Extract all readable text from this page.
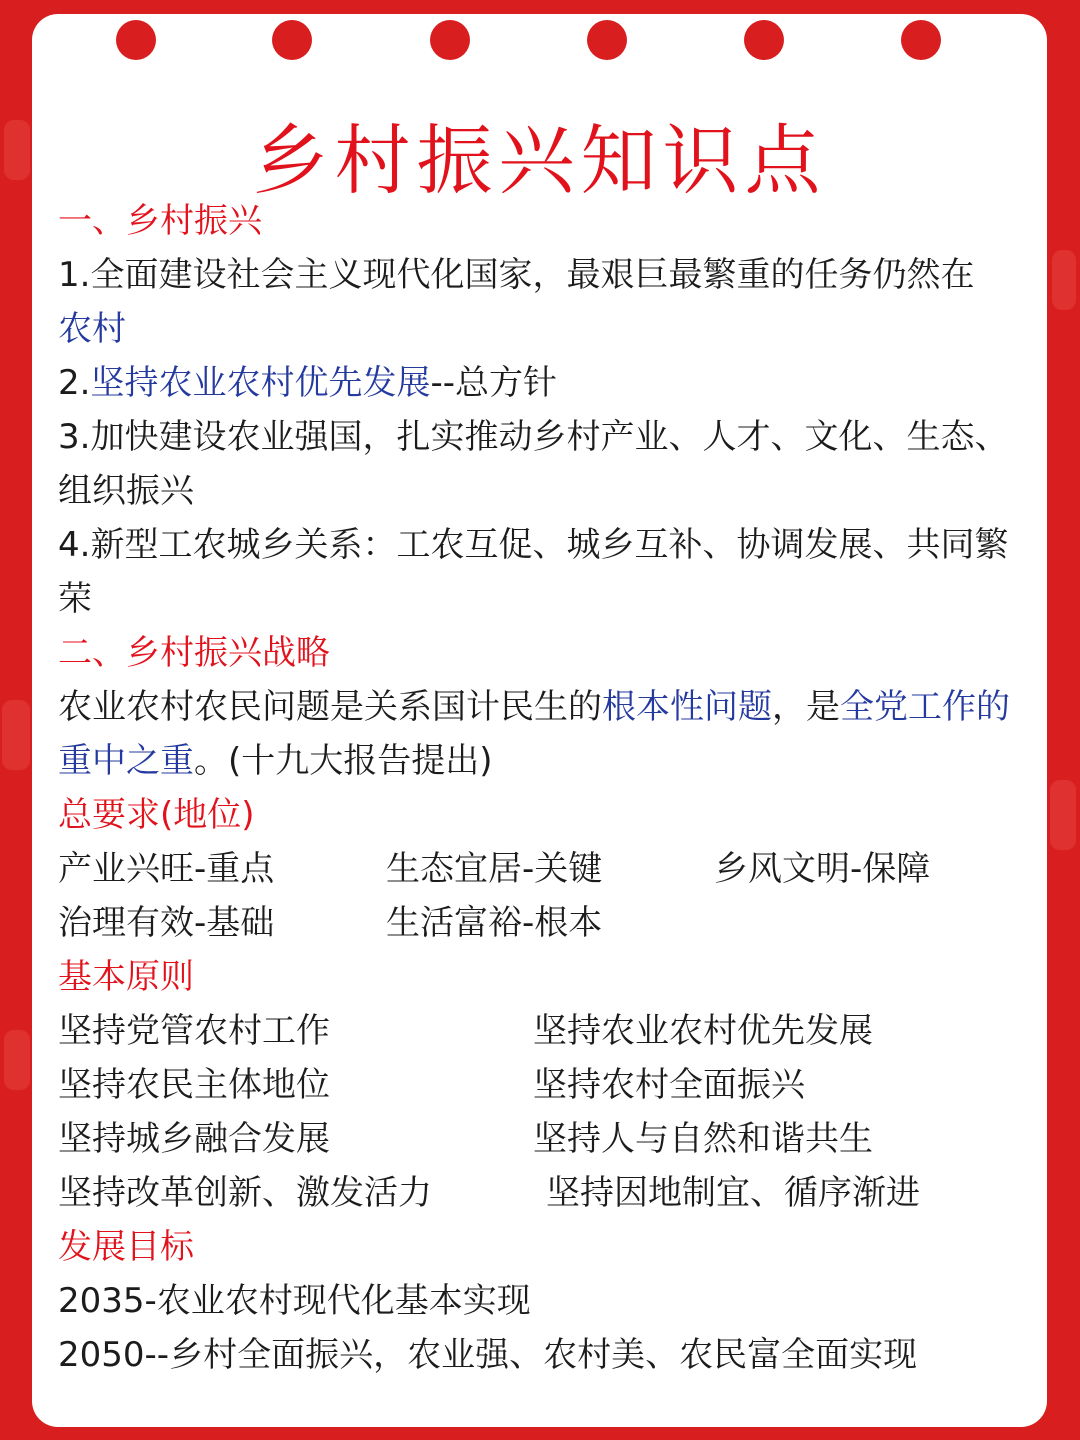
乡村振兴知识点
一、乡村振兴
1.全面建设社会主义现代化国家，最艰巨最繁重的任务仍然在
农村
2.坚持农业农村优先发展--总方针
3.加快建设农业强国，扎实推动乡村产业、人才、文化、生态、组织振兴
4.新型工农城乡关系：工农互促、城乡互补、协调发展、共同繁荣
二、乡村振兴战略
农业农村农民问题是关系国计民生的根本性问题，是全党工作的重中之重。(十九大报告提出)
总要求(地位)
产业兴旺-重点	生态宜居-关键	乡风文明-保障
治理有效-基础	生活富裕-根本
基本原则
坚持党管农村工作	坚持农业农村优先发展
坚持农民主体地位	坚持农村全面振兴
坚持城乡融合发展	坚持人与自然和谐共生
坚持改革创新、激发活力	坚持因地制宜、循序渐进
发展目标
2035-农业农村现代化基本实现
2050--乡村全面振兴，农业强、农村美、农民富全面实现
